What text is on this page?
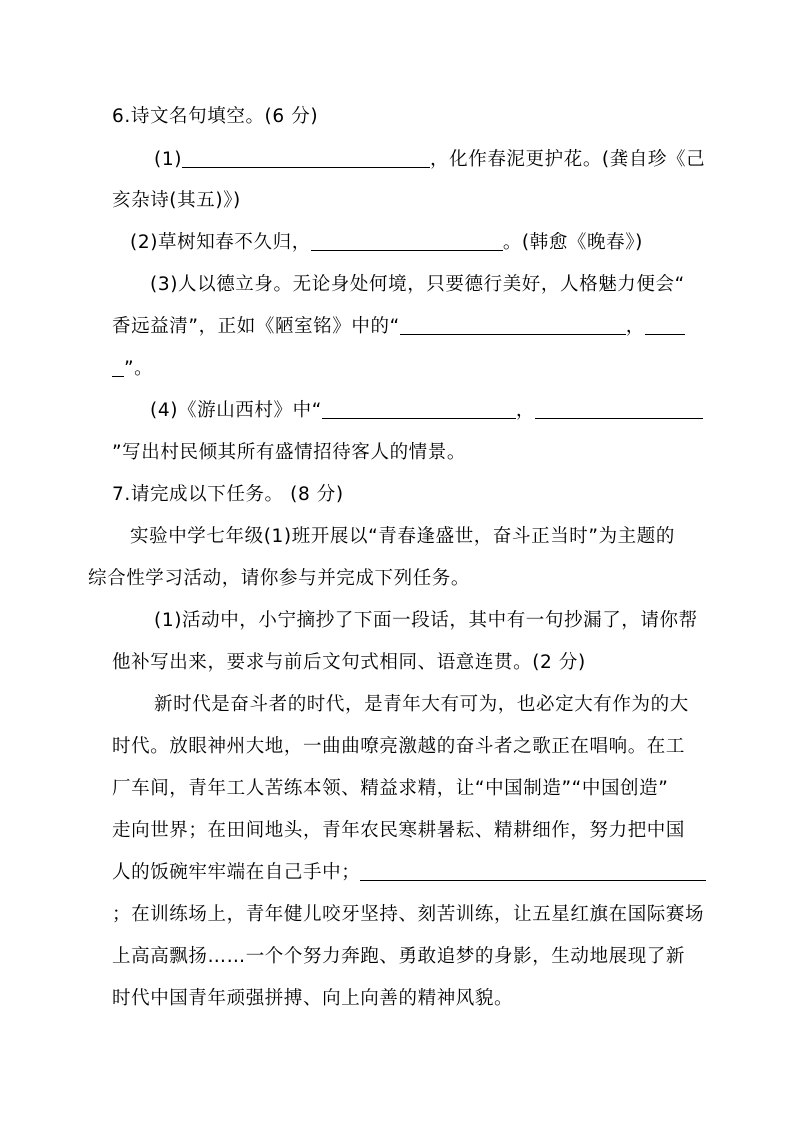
6.诗文名句填空。(6 分)
(1)	，化作春泥更护花。(龚自珍《己
亥杂诗(其五)》)
(2)草树知春不久归，	。(韩愈《晚春》)
(3)人以德立身。无论身处何境，只要德行美好，人格魅力便会“
香远益清”，正如《陋室铭》中的“	，
”。
(4)《游山西村》中“	，
”写出村民倾其所有盛情招待客人的情景。
7.请完成以下任务。 (8 分)
实验中学七年级(1)班开展以“青春逢盛世，奋斗正当时”为主题的
综合性学习活动，请你参与并完成下列任务。
(1)活动中，小宁摘抄了下面一段话，其中有一句抄漏了，请你帮
他补写出来，要求与前后文句式相同、语意连贯。(2 分)
新时代是奋斗者的时代，是青年大有可为，也必定大有作为的大
时代。放眼神州大地，一曲曲嘹亮激越的奋斗者之歌正在唱响。在工
厂车间，青年工人苦练本领、精益求精，让“中国制造”“中国创造”
走向世界；在田间地头，青年农民寒耕暑耘、精耕细作，努力把中国
人的饭碗牢牢端在自己手中；
；在训练场上，青年健儿咬牙坚持、刻苦训练，让五星红旗在国际赛场
上高高飘扬……一个个努力奔跑、勇敢追梦的身影，生动地展现了新
时代中国青年顽强拼搏、向上向善的精神风貌。
